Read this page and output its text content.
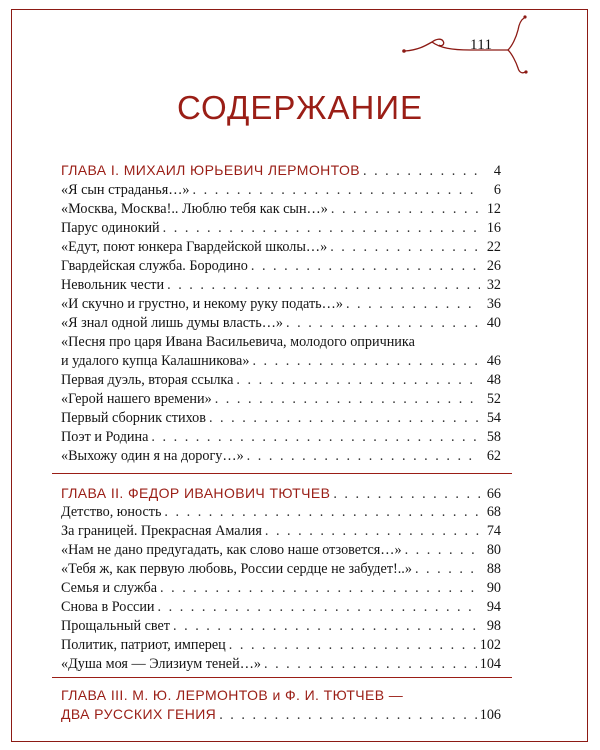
111
СОДЕРЖАНИЕ
ГЛАВА I. МИХАИЛ ЮРЬЕВИЧ ЛЕРМОНТОВ . . .	4
«Я сын страданья…» . . .	6
«Москва, Москва!.. Люблю тебя как сын…» . . .	12
Парус одинокий . . .	16
«Едут, поют юнкера Гвардейской школы…» . . .	22
Гвардейская служба. Бородино . . .	26
Невольник чести . . .	32
«И скучно и грустно, и некому руку подать…» . . .	36
«Я знал одной лишь думы власть…» . . .	40
«Песня про царя Ивана Васильевича, молодого опричника
и удалого купца Калашникова» . . .	46
Первая дуэль, вторая ссылка . . .	48
«Герой нашего времени» . . .	52
Первый сборник стихов . . .	54
Поэт и Родина . . .	58
«Выхожу один я на дорогу…» . . .	62
ГЛАВА II. ФЕДОР ИВАНОВИЧ ТЮТЧЕВ . . .	66
Детство, юность . . .	68
За границей. Прекрасная Амалия . . .	74
«Нам не дано предугадать, как слово наше отзовется…» . . .	80
«Тебя ж, как первую любовь, России сердце не забудет!..» . . .	88
Семья и служба . . .	90
Снова в России . . .	94
Прощальный свет . . .	98
Политик, патриот, имперец . . .	102
«Душа моя — Элизиум теней…» . . .	104
ГЛАВА III. М. Ю. ЛЕРМОНТОВ и Ф. И. ТЮТЧЕВ —
ДВА РУССКИХ ГЕНИЯ . . .	106
